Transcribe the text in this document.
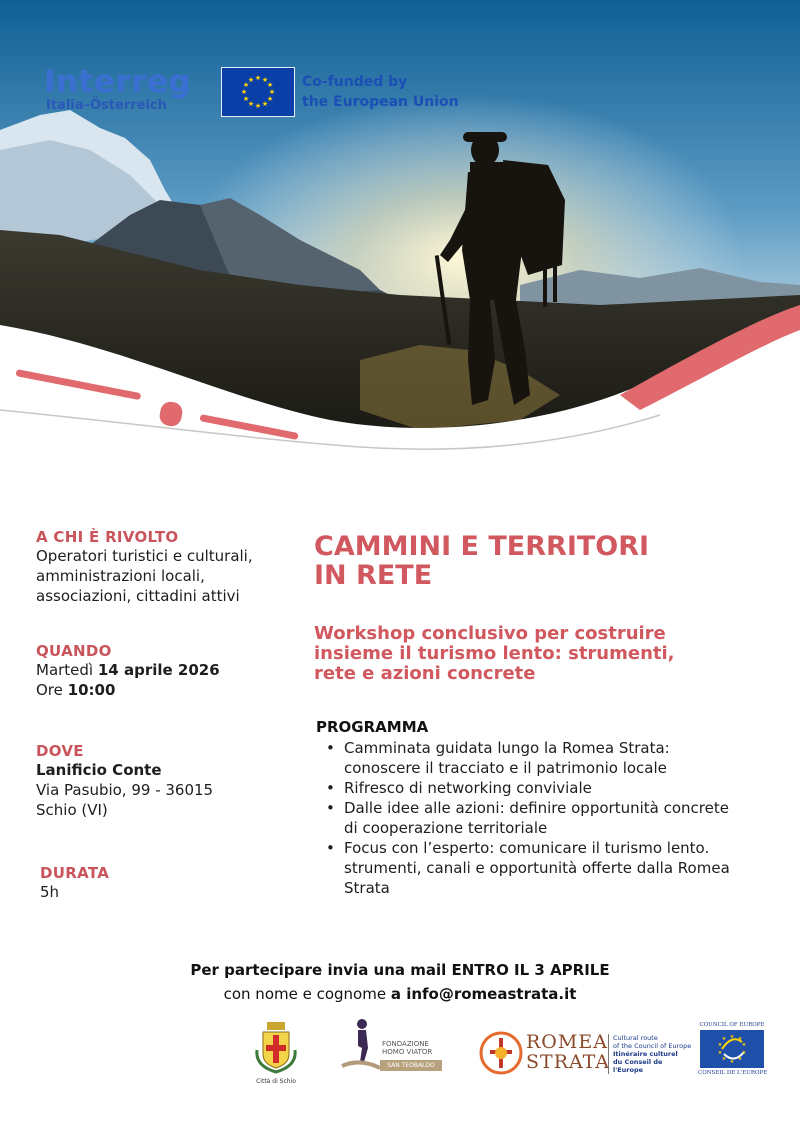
Interreg
Italia–Österreich
★ ★
★
★
★
★
★
★
★
★
★
★	Co-funded by
the European Union
A CHI È RIVOLTO
Operatori turistici e culturali,
amministrazioni locali,
associazioni, cittadini attivi
QUANDO
Martedì 14 aprile 2026
Ore 10:00
DOVE
Lanificio Conte
Via Pasubio, 99 - 36015
Schio (VI)
DURATA
5h
CAMMINI E TERRITORI
IN RETE
Workshop conclusivo per costruire
insieme il turismo lento: strumenti,
rete e azioni concrete
PROGRAMMA
• Camminata guidata lungo la Romea Strata:
conoscere il tracciato e il patrimonio locale
• Rifresco di networking conviviale
• Dalle idee alle azioni: definire opportunità concrete
di cooperazione territoriale
• Focus con l’esperto: comunicare il turismo lento.
strumenti, canali e opportunità offerte dalla Romea
Strata
Per partecipare invia una mail ENTRO IL 3 APRILE
con nome e cognome a info@romeastrata.it
Città di Schio
FONDAZIONE
HOMO VIATOR
SAN TEOBALDO
ROMEA
STRATA
Cultural route
of the Council of Europe
Itinéraire culturel
du Conseil de l'Europe
COUNCIL OF EUROPE
★ ★
★
★
★
★
★
★
★
★
CONSEIL DE L'EUROPE
